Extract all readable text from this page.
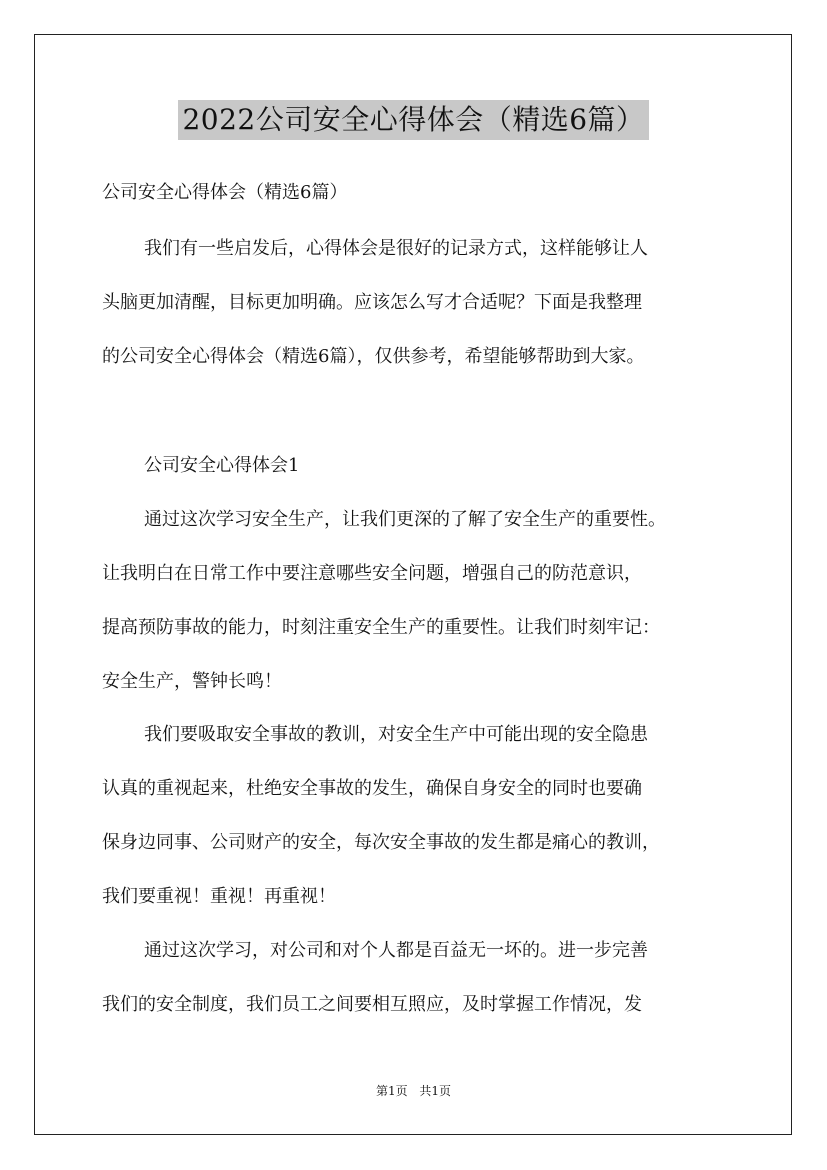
2022公司安全心得体会（精选6篇）
公司安全心得体会（精选6篇）
我们有一些启发后，心得体会是很好的记录方式，这样能够让人
头脑更加清醒，目标更加明确。应该怎么写才合适呢？下面是我整理
的公司安全心得体会（精选6篇），仅供参考，希望能够帮助到大家。
公司安全心得体会1
通过这次学习安全生产，让我们更深的了解了安全生产的重要性。
让我明白在日常工作中要注意哪些安全问题，增强自己的防范意识，
提高预防事故的能力，时刻注重安全生产的重要性。让我们时刻牢记：
安全生产，警钟长鸣！
我们要吸取安全事故的教训，对安全生产中可能出现的安全隐患
认真的重视起来，杜绝安全事故的发生，确保自身安全的同时也要确
保身边同事、公司财产的安全，每次安全事故的发生都是痛心的教训，
我们要重视！重视！再重视！
通过这次学习，对公司和对个人都是百益无一坏的。进一步完善
我们的安全制度，我们员工之间要相互照应，及时掌握工作情况，发
第1页 共1页
